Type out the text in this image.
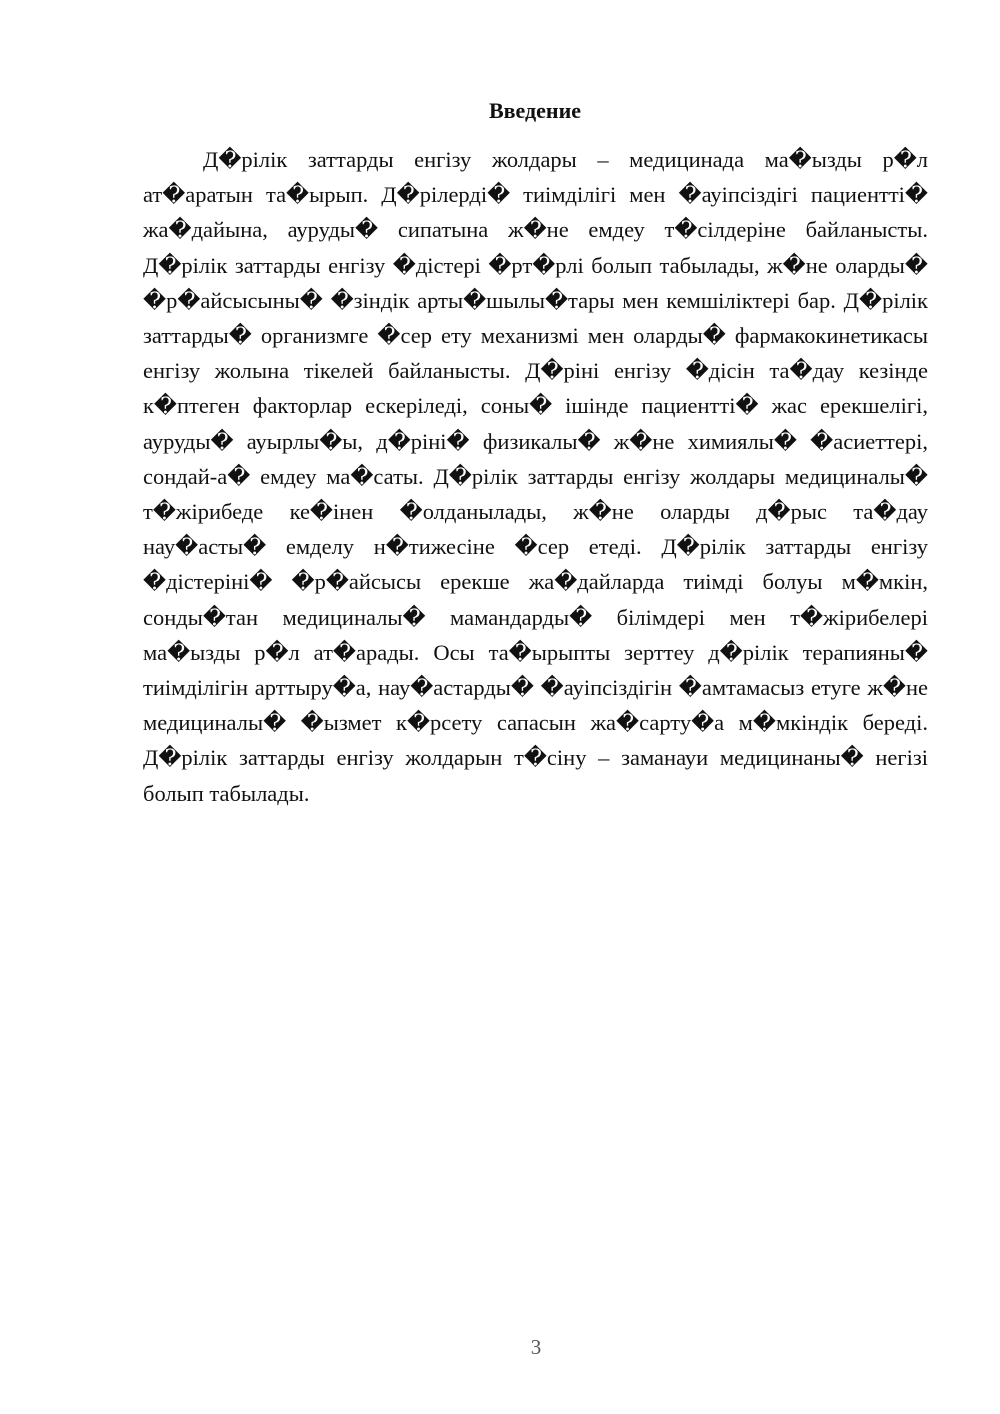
Введение

Д�рілік заттарды енгізу жолдары – медицинада ма�ызды р�л ат�аратын та�ырып. Д�рілерді� тиімділігі мен �ауіпсіздігі пациентті� жа�дайына, ауруды� сипатына ж�не емдеу т�сілдеріне байланысты. Д�рілік заттарды енгізу �дістері �рт�рлі болып табылады, ж�не оларды� �р�айсысыны� �зіндік арты�шылы�тары мен кемшіліктері бар. Д�рілік заттарды� организмге �сер ету механизмі мен оларды� фармакокинетикасы енгізу жолына тікелей байланысты. Д�ріні енгізу �дісін та�дау кезінде к�птеген факторлар ескеріледі, соны� ішінде пациентті� жас ерекшелігі, ауруды� ауырлы�ы, д�ріні� физикалы� ж�не химиялы� �асиеттері, сондай-а� емдеу ма�саты. Д�рілік заттарды енгізу жолдары медициналы� т�жірибеде ке�інен �олданылады, ж�не оларды д�рыс та�дау нау�асты� емделу н�тижесіне �сер етеді. Д�рілік заттарды енгізу �дістеріні� �р�айсысы ерекше жа�дайларда тиімді болуы м�мкін, сонды�тан медициналы� мамандарды� білімдері мен т�жірибелері ма�ызды р�л ат�арады. Осы та�ырыпты зерттеу д�рілік терапияны� тиімділігін арттыру�а, нау�астарды� �ауіпсіздігін �амтамасыз етуге ж�не медициналы� �ызмет к�рсету сапасын жа�сарту�а м�мкіндік береді. Д�рілік заттарды енгізу жолдарын т�сіну – заманауи медицинаны� негізі болып табылады.

3
